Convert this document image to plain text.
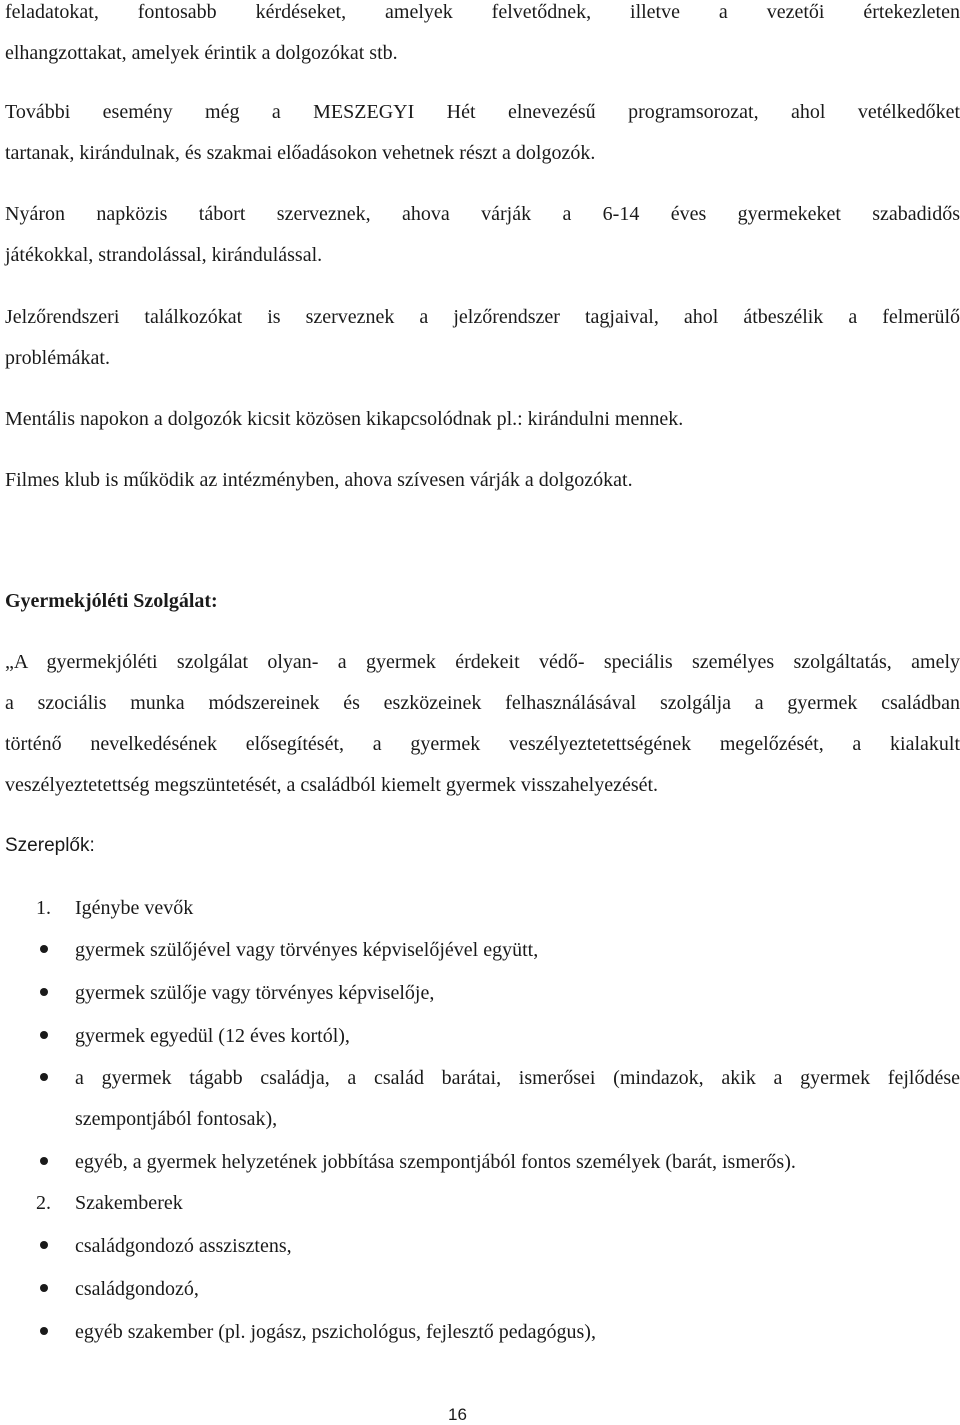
feladatokat, fontosabb kérdéseket, amelyek felvetődnek, illetve a vezetői értekezleten
elhangzottakat, amelyek érintik a dolgozókat stb.
További esemény még a MESZEGYI Hét elnevezésű programsorozat, ahol vetélkedőket
tartanak, kirándulnak, és szakmai előadásokon vehetnek részt a dolgozók.
Nyáron napközis tábort szerveznek, ahova várják a 6-14 éves gyermekeket szabadidős
játékokkal, strandolással, kirándulással.
Jelzőrendszeri találkozókat is szerveznek a jelzőrendszer tagjaival, ahol átbeszélik a felmerülő
problémákat.
Mentális napokon a dolgozók kicsit közösen kikapcsolódnak pl.: kirándulni mennek.
Filmes klub is működik az intézményben, ahova szívesen várják a dolgozókat.
Gyermekjóléti Szolgálat:
„A gyermekjóléti szolgálat olyan- a gyermek érdekeit védő- speciális személyes szolgáltatás, amely
a szociális munka módszereinek és eszközeinek felhasználásával szolgálja a gyermek családban
történő nevelkedésének elősegítését, a gyermek veszélyeztetettségének megelőzését, a kialakult
veszélyeztetettség megszüntetését, a családból kiemelt gyermek visszahelyezését.
Szereplők:
1. Igénybe vevők
gyermek szülőjével vagy törvényes képviselőjével együtt,
gyermek szülője vagy törvényes képviselője,
gyermek egyedül (12 éves kortól),
a gyermek tágabb családja, a család barátai, ismerősei (mindazok, akik a gyermek fejlődése
szempontjából fontosak),
egyéb, a gyermek helyzetének jobbítása szempontjából fontos személyek (barát, ismerős).
2. Szakemberek
családgondozó asszisztens,
családgondozó,
egyéb szakember (pl. jogász, pszichológus, fejlesztő pedagógus),
16
